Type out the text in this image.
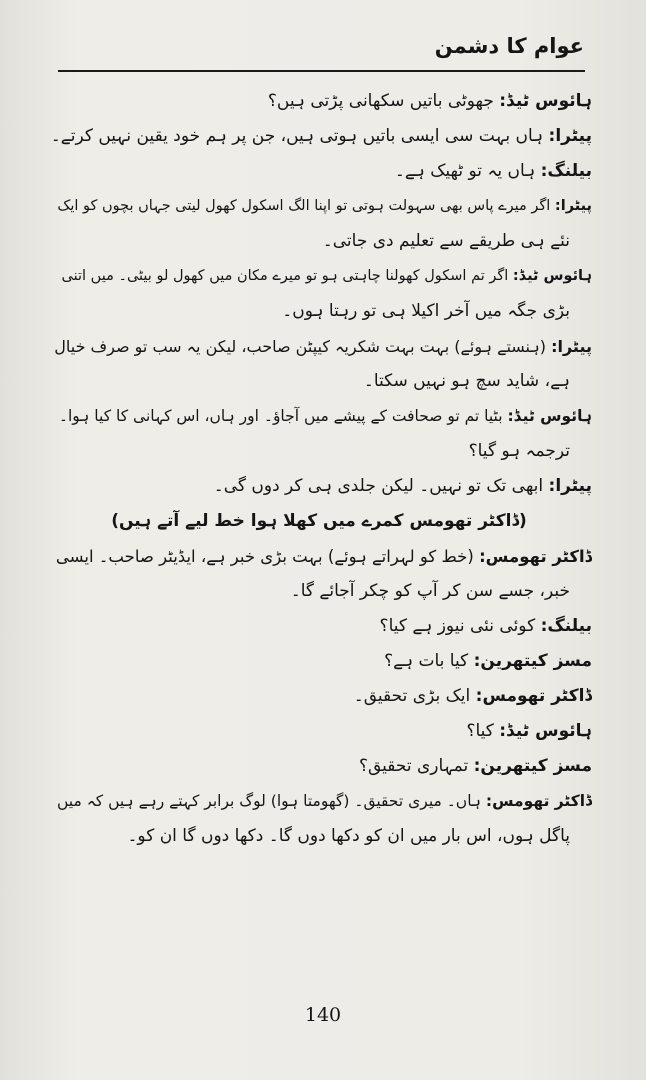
عوام کا دشمن
ہائوس ٹیڈ: جھوٹی باتیں سکھانی پڑتی ہیں؟
پیٹرا: ہاں بہت سی ایسی باتیں ہوتی ہیں، جن پر ہم خود یقین نہیں کرتے۔
بیلنگ: ہاں یہ تو ٹھیک ہے۔
پیٹرا: اگر میرے پاس بھی سہولت ہوتی تو اپنا الگ اسکول کھول لیتی جہاں بچوں کو ایک
نئے ہی طریقے سے تعلیم دی جاتی۔
ہائوس ٹیڈ: اگر تم اسکول کھولنا چاہتی ہو تو میرے مکان میں کھول لو بیٹی۔ میں اتنی
بڑی جگہ میں آخر اکیلا ہی تو رہتا ہوں۔
پیٹرا: (ہنستے ہوئے) بہت بہت شکریہ کیپٹن صاحب، لیکن یہ سب تو صرف خیال
ہے، شاید سچ ہو نہیں سکتا۔
ہائوس ٹیڈ: بٹیا تم تو صحافت کے پیشے میں آجاؤ۔ اور ہاں، اس کہانی کا کیا ہوا۔
ترجمہ ہو گیا؟
پیٹرا: ابھی تک تو نہیں۔ لیکن جلدی ہی کر دوں گی۔
(ڈاکٹر تھومس کمرے میں کھلا ہوا خط لیے آتے ہیں)
ڈاکٹر تھومس: (خط کو لہراتے ہوئے) بہت بڑی خبر ہے، ایڈیٹر صاحب۔ ایسی
خبر، جسے سن کر آپ کو چکر آجائے گا۔
بیلنگ: کوئی نئی نیوز ہے کیا؟
مسز کیتھرین: کیا بات ہے؟
ڈاکٹر تھومس: ایک بڑی تحقیق۔
ہائوس ٹیڈ: کیا؟
مسز کیتھرین: تمہاری تحقیق؟
ڈاکٹر تھومس: ہاں۔ میری تحقیق۔ (گھومتا ہوا) لوگ برابر کہتے رہے ہیں کہ میں
پاگل ہوں، اس بار میں ان کو دکھا دوں گا۔ دکھا دوں گا ان کو۔
140
